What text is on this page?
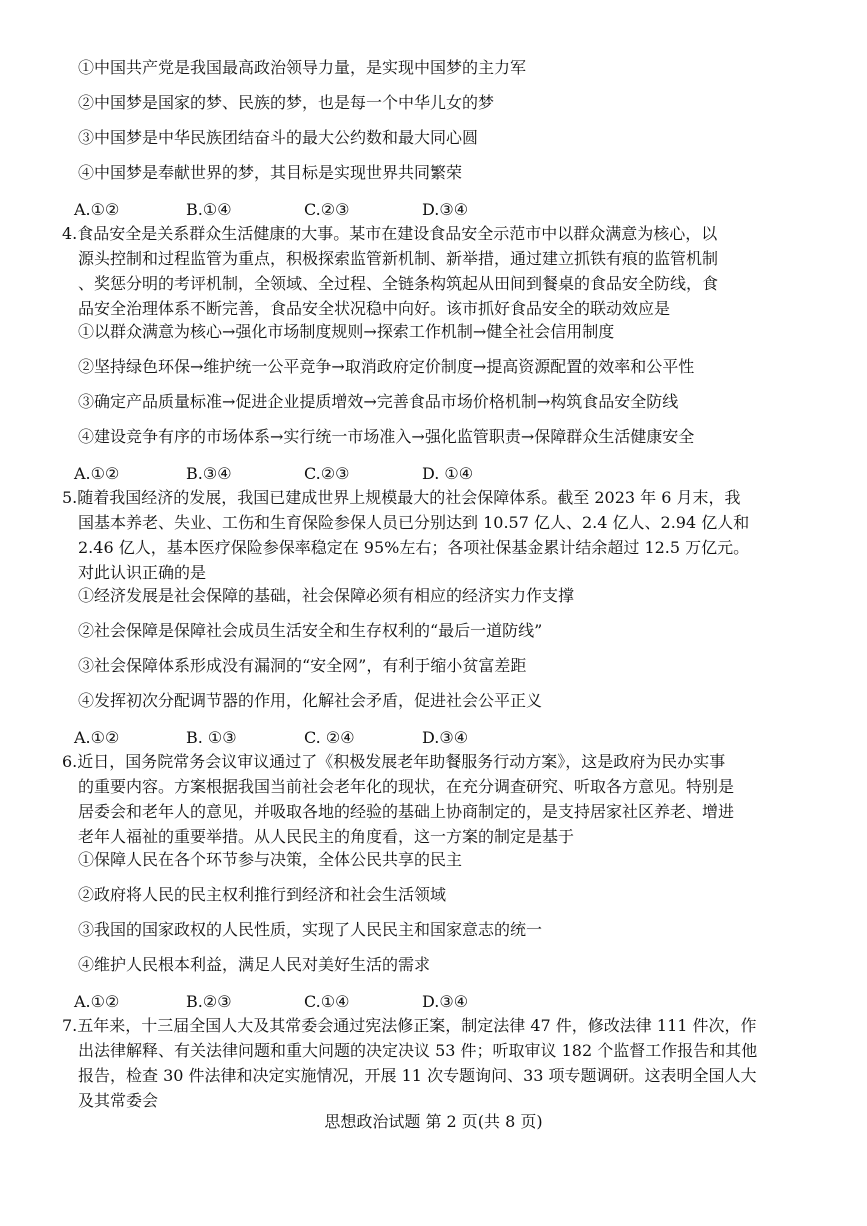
①中国共产党是我国最高政治领导力量，是实现中国梦的主力军
②中国梦是国家的梦、民族的梦，也是每一个中华儿女的梦
③中国梦是中华民族团结奋斗的最大公约数和最大同心圆
④中国梦是奉献世界的梦，其目标是实现世界共同繁荣
A.①②	B.①④	C.②③	D.③④
4.食品安全是关系群众生活健康的大事。某市在建设食品安全示范市中以群众满意为核心，以
源头控制和过程监管为重点，积极探索监管新机制、新举措，通过建立抓铁有痕的监管机制
、奖惩分明的考评机制，全领域、全过程、全链条构筑起从田间到餐桌的食品安全防线，食
品安全治理体系不断完善，食品安全状况稳中向好。该市抓好食品安全的联动效应是
①以群众满意为核心→强化市场制度规则→探索工作机制→健全社会信用制度
②坚持绿色环保→维护统一公平竞争→取消政府定价制度→提高资源配置的效率和公平性
③确定产品质量标准→促进企业提质增效→完善食品市场价格机制→构筑食品安全防线
④建设竞争有序的市场体系→实行统一市场准入→强化监管职责→保障群众生活健康安全
A.①②	B.③④	C.②③	D. ①④
5.随着我国经济的发展，我国已建成世界上规模最大的社会保障体系。截至 2023 年 6 月末，我
国基本养老、失业、工伤和生育保险参保人员已分别达到 10.57 亿人、2.4 亿人、2.94 亿人和
2.46 亿人，基本医疗保险参保率稳定在 95%左右；各项社保基金累计结余超过 12.5 万亿元。
对此认识正确的是
①经济发展是社会保障的基础，社会保障必须有相应的经济实力作支撑
②社会保障是保障社会成员生活安全和生存权利的“最后一道防线”
③社会保障体系形成没有漏洞的“安全网”，有利于缩小贫富差距
④发挥初次分配调节器的作用，化解社会矛盾，促进社会公平正义
A.①②	B. ①③	C. ②④	D.③④
6.近日，国务院常务会议审议通过了《积极发展老年助餐服务行动方案》，这是政府为民办实事
的重要内容。方案根据我国当前社会老年化的现状，在充分调查研究、听取各方意见。特别是
居委会和老年人的意见，并吸取各地的经验的基础上协商制定的，是支持居家社区养老、增进
老年人福祉的重要举措。从人民民主的角度看，这一方案的制定是基于
①保障人民在各个环节参与决策，全体公民共享的民主
②政府将人民的民主权利推行到经济和社会生活领域
③我国的国家政权的人民性质，实现了人民民主和国家意志的统一
④维护人民根本利益，满足人民对美好生活的需求
A.①②	B.②③	C.①④	D.③④
7.五年来，十三届全国人大及其常委会通过宪法修正案，制定法律 47 件，修改法律 111 件次，作
出法律解释、有关法律问题和重大问题的决定决议 53 件；听取审议 182 个监督工作报告和其他
报告，检查 30 件法律和决定实施情况，开展 11 次专题询问、33 项专题调研。这表明全国人大
及其常委会
思想政治试题 第 2 页(共 8 页)
